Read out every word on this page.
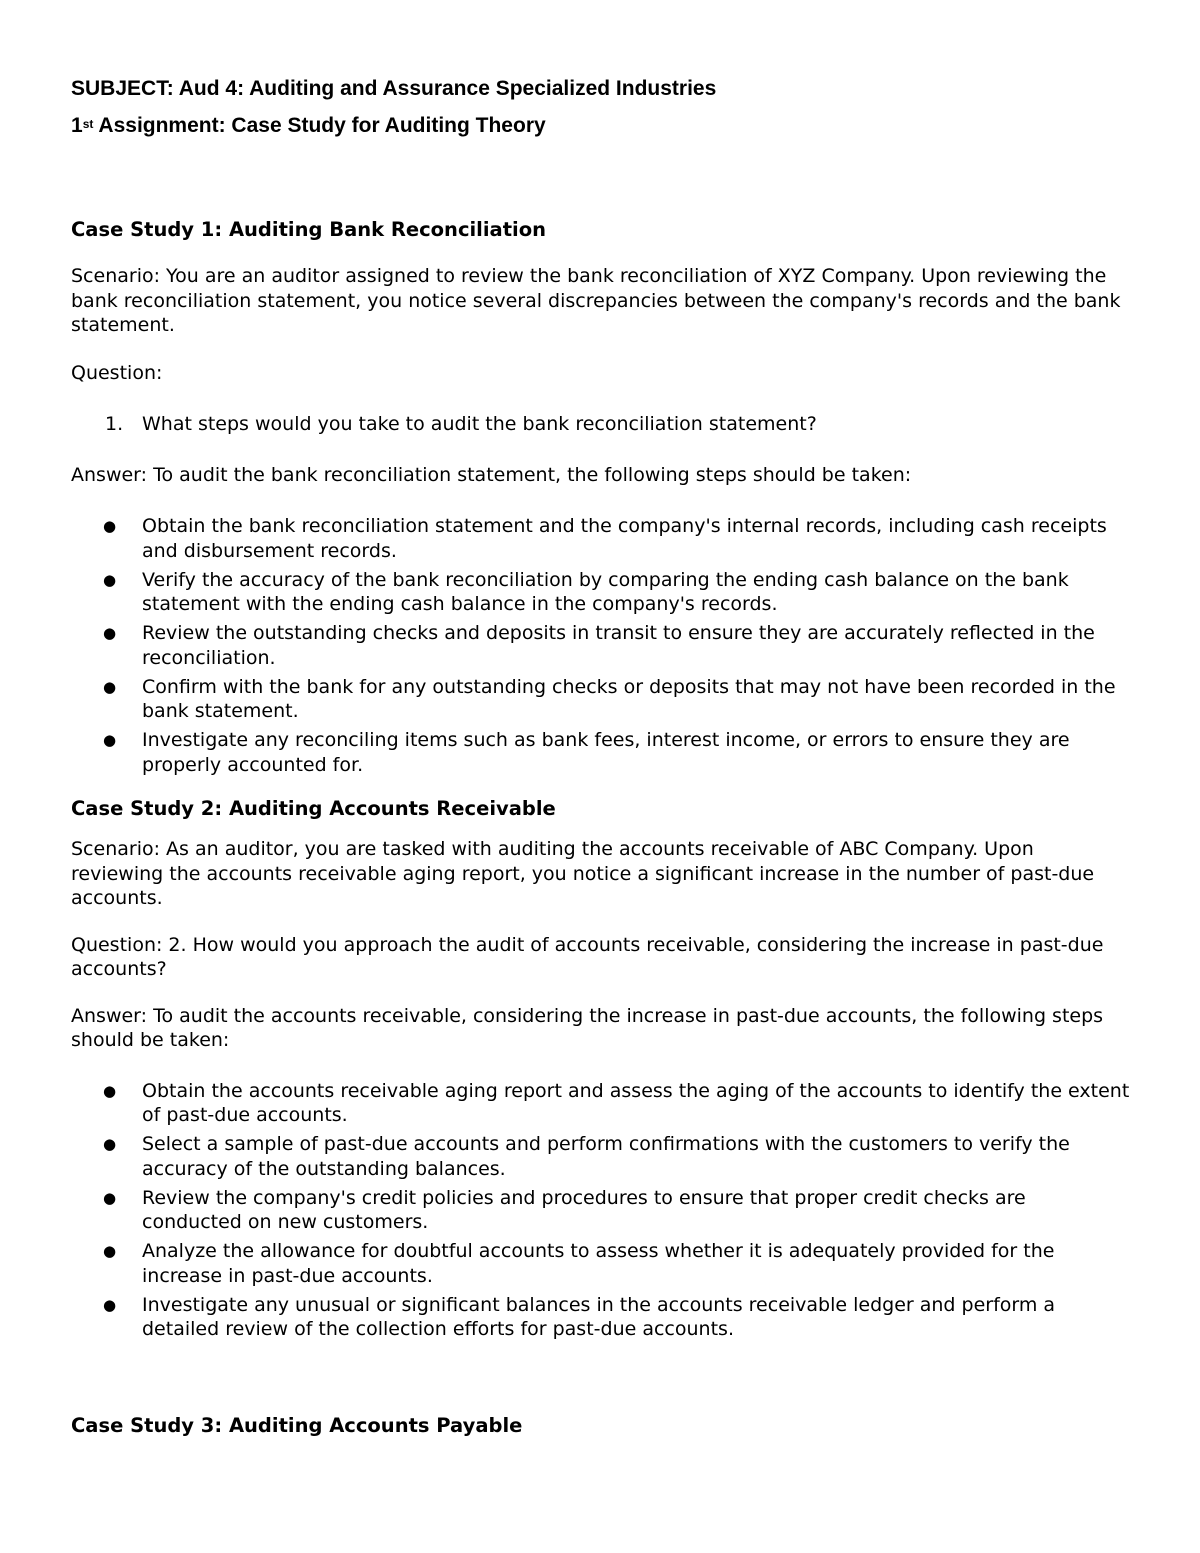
SUBJECT: Aud 4: Auditing and Assurance Specialized Industries

1st Assignment: Case Study for Auditing Theory

Case Study 1: Auditing Bank Reconciliation

Scenario: You are an auditor assigned to review the bank reconciliation of XYZ Company. Upon reviewing the bank reconciliation statement, you notice several discrepancies between the company's records and the bank statement.

Question:

1. What steps would you take to audit the bank reconciliation statement?

Answer: To audit the bank reconciliation statement, the following steps should be taken:

● Obtain the bank reconciliation statement and the company's internal records, including cash receipts and disbursement records.
● Verify the accuracy of the bank reconciliation by comparing the ending cash balance on the bank statement with the ending cash balance in the company's records.
● Review the outstanding checks and deposits in transit to ensure they are accurately reflected in the reconciliation.
● Confirm with the bank for any outstanding checks or deposits that may not have been recorded in the bank statement.
● Investigate any reconciling items such as bank fees, interest income, or errors to ensure they are properly accounted for.
Case Study 2: Auditing Accounts Receivable

Scenario: As an auditor, you are tasked with auditing the accounts receivable of ABC Company. Upon reviewing the accounts receivable aging report, you notice a significant increase in the number of past-due accounts.

Question: 2. How would you approach the audit of accounts receivable, considering the increase in past-due accounts?

Answer: To audit the accounts receivable, considering the increase in past-due accounts, the following steps should be taken:

● Obtain the accounts receivable aging report and assess the aging of the accounts to identify the extent of past-due accounts.
● Select a sample of past-due accounts and perform confirmations with the customers to verify the accuracy of the outstanding balances.
● Review the company's credit policies and procedures to ensure that proper credit checks are conducted on new customers.
● Analyze the allowance for doubtful accounts to assess whether it is adequately provided for the increase in past-due accounts.
● Investigate any unusual or significant balances in the accounts receivable ledger and perform a detailed review of the collection efforts for past-due accounts.
Case Study 3: Auditing Accounts Payable
